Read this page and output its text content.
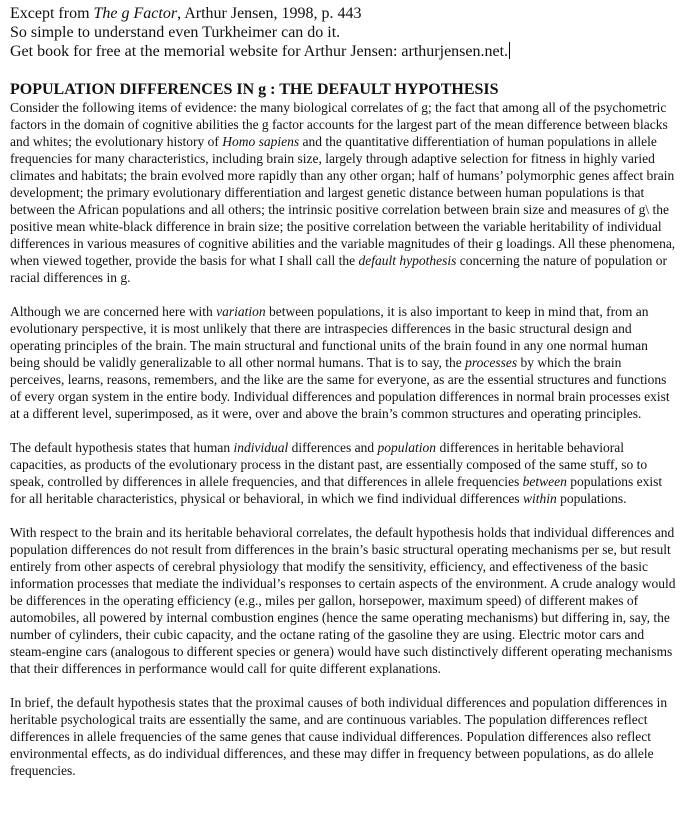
Except from The g Factor, Arthur Jensen, 1998, p. 443
So simple to understand even Turkheimer can do it.
Get book for free at the memorial website for Arthur Jensen: arthurjensen.net.
POPULATION DIFFERENCES IN g : THE DEFAULT HYPOTHESIS

Consider the following items of evidence: the many biological correlates of g; the fact that among all of the psychometric factors in the domain of cognitive abilities the g factor accounts for the largest part of the mean difference between blacks and whites; the evolutionary history of Homo sapiens and the quantitative differentiation of human populations in allele frequencies for many characteristics, including brain size, largely through adaptive selection for fitness in highly varied climates and habitats; the brain evolved more rapidly than any other organ; half of humans’ polymorphic genes affect brain development; the primary evolutionary differentiation and largest genetic distance between human populations is that between the African populations and all others; the intrinsic positive correlation between brain size and measures of g\ the positive mean white-black difference in brain size; the positive correlation between the variable heritability of individual differences in various measures of cognitive abilities and the variable magnitudes of their g loadings. All these phenomena, when viewed together, provide the basis for what I shall call the default hypothesis concerning the nature of population or racial differences in g.

Although we are concerned here with variation between populations, it is also important to keep in mind that, from an evolutionary perspective, it is most unlikely that there are intraspecies differences in the basic structural design and operating principles of the brain. The main structural and functional units of the brain found in any one normal human being should be validly generalizable to all other normal humans. That is to say, the processes by which the brain perceives, learns, reasons, remembers, and the like are the same for everyone, as are the essential structures and functions of every organ system in the entire body. Individual differences and population differences in normal brain processes exist at a different level, superimposed, as it were, over and above the brain’s common structures and operating principles.

The default hypothesis states that human individual differences and population differences in heritable behavioral capacities, as products of the evolutionary process in the distant past, are essentially composed of the same stuff, so to speak, controlled by differences in allele frequencies, and that differences in allele frequencies between populations exist for all heritable characteristics, physical or behavioral, in which we find individual differences within populations.

With respect to the brain and its heritable behavioral correlates, the default hypothesis holds that individual differences and population differences do not result from differences in the brain’s basic structural operating mechanisms per se, but result entirely from other aspects of cerebral physiology that modify the sensitivity, efficiency, and effectiveness of the basic information processes that mediate the individual’s responses to certain aspects of the environment. A crude analogy would be differences in the operating efficiency (e.g., miles per gallon, horsepower, maximum speed) of different makes of automobiles, all powered by internal combustion engines (hence the same operating mechanisms) but differing in, say, the number of cylinders, their cubic capacity, and the octane rating of the gasoline they are using. Electric motor cars and steam-engine cars (analogous to different species or genera) would have such distinctively different operating mechanisms that their differences in performance would call for quite different explanations.

In brief, the default hypothesis states that the proximal causes of both individual differences and population differences in heritable psychological traits are essentially the same, and are continuous variables. The population differences reflect differences in allele frequencies of the same genes that cause individual differences. Population differences also reflect environmental effects, as do individual differences, and these may differ in frequency between populations, as do allele frequencies.
